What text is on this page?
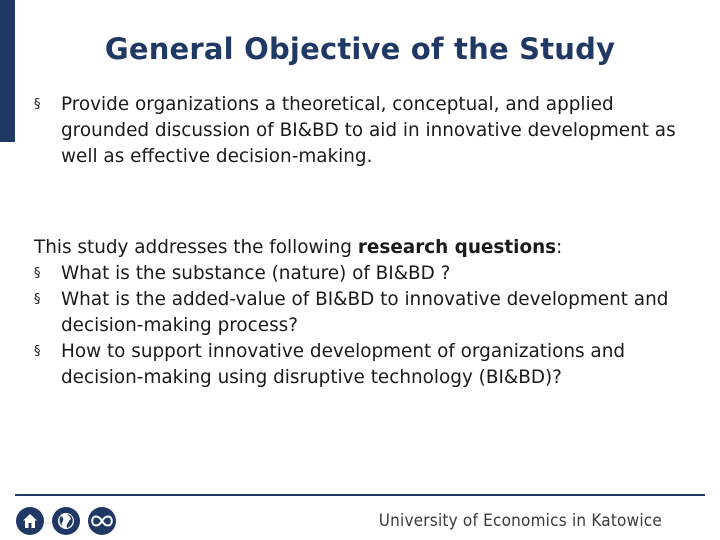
General Objective of the Study
§ Provide organizations a theoretical, conceptual, and applied grounded discussion of BI&BD to aid in innovative development as well as effective decision-making.
This study addresses the following research questions:
§ What is the substance (nature) of BI&BD ?
§ What is the added-value of BI&BD to innovative development and decision-making process?
§ How to support innovative development of organizations and decision-making using disruptive technology (BI&BD)?
University of Economics in Katowice
